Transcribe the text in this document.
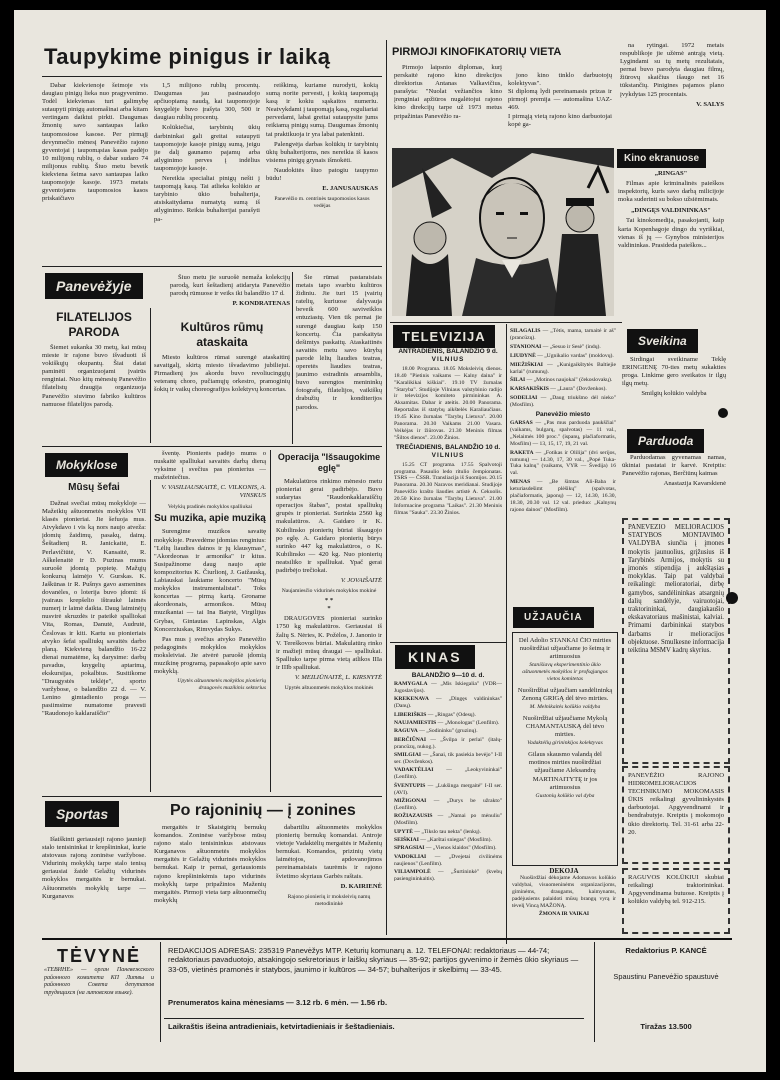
Taupykime pinigus ir laiką

Dabar kiekvienoje šeimoje vis daugiau pinigų lieka nuo pragyvenimo. Todėl kiekvienas turi galimybę sutaupyti pinigų automašinai arba kitam vertingam daiktui pirkti. Daugumas žmonių savo santaupas laiko taupomosiose kasose. Per pirmąjį devynmečio mėnesį Panevėžio rajono gyventojai į taupomąsias kasas padėjo 10 milijonų rublių, o dabar sudaro 74 milijonus rublių. Šiuo metu beveik kiekviena šeima savo santaupas laiko taupomojoje kasoje. 1973 metais gyventojams taupomosios kasos priskaičiavo

1,5 milijono rublių procentų. Daugumas jau pasinaudojo apčiuopiamą naudą, kai taupomojoje knygelėje buvo įrašyta 300, 500 ir daugiau rublių procentų.

Kolūkiečiai, tarybinių ūkių darbininkai gali greitai sutaupyti taupomojoje kasoje pinigų sumą, jeigu jie dalį gaunamo pajamų arba atlyginimo perves į indėlius taupomojoje kasoje.

Nereikia specialiai pinigų nešti į taupomąją kasą. Tai atlieka kolūkio ar tarybinio ūkio buhalterija, atsiskaitydama numatytą sumą iš atlyginimo. Reikia buhalterijai parašyti pa-

reiškimą, kuriame nurodyti, kokią sumą norite pervesti, į kokią taupomąją kasą ir kokiu sąskaitos numeriu. Neatvykdami į taupomąją kasą, reguliariai pervedami, labai greitai sutaupysite jums reikiamą pinigų sumą. Daugumas žmonių tai praktikuoja ir yra labai patenkinti.

Palengvėja darbas kolūkių ir tarybinių ūkių buhalterijoms, nes nereikia iš kasos visiems pinigų grynais išmokėti.

Naudokitės šiuo patogiu taupymo būdu!

E. JANUSAUSKAS
Panevėžio m. centrinės taupomosios kasos vedėjas
Panevėžyje
FILATELIJOS PARODA

Šiemet sukanka 30 metų, kai mūsų mieste ir rajone buvo išvaduoti iš vokiškųjų okupantų. Šiai datai paminėti organizuojami įvairūs renginiai. Nuo kitų mėnesių Panevėžio filatelistų draugija organizuoja Panevėžio siuvimo fabriko kultūros namuose filatelijos parodą.

Šiuo metu jie suruošė nemaža kolekcijų parodą, kuri šeštadienį atidaryta Panevėžio parodų rūmuose ir veiks iki balandžio 17 d.

P. KONDRATENAS
Kultūros rūmų ataskaita

Miesto kultūros rūmai surengė ataskaitinį savaitgalį, skirtą miesto išvadavimo jubiliejui. Pirmadienį jos akordu buvo revoliucingųjų veteranų choro, pučiamųjų orkestro, pramoginių šokių ir vaikų choreografijos kolektyvų koncertas.

Šie rūmai pastaraisiais metais tapo svarbiu kultūros židiniu. Jie turi 15 įvairių ratelių, kuriuose dalyvauja beveik 600 saviveiklos entuziastų. Vien tik pernai jie surengė daugiau kaip 150 koncertų. Čia parskaityta dešimtys paskaitų. Ataskaitinės savaitės metu savo kūrybą parodė lėlių liaudies teatras, operetės liaudies teatras, jaunimo estradinis ansamblis, buvo surengtos menininkų fotografų, filatelijos, vaikiškų drabužių ir konditerijos parodos.

Mokyklose
Mūsų šefai

Dažnai svečiai mūsų mokykloje — Mažeikių aštuonmetės mokyklos VII klasės pionieriai. Jie šefuoja mus. Atvykdavo i vis ką nors naujo atveža: įdomių žaidimų, pasakų, dainų. Šeštadienį R. Janickaitė, E. Perlavičiūtė, V. Kansaitė, R. Aškelenaitė ir D. Puzinas mums suruošė įdomią popietę. Mažųjų konkursą laimėjo V. Gurskas. K. Jaškūnas ir R. Pušnys gavo asmenines dovanėles, o loterija buvo įdomi: iš įvairaus krepšelio ištraukė laimės numerį ir laimė daikta. Daug laiminėjų nusvirė skruzdės ir pateikė spalliokai Vita, Romas, Danutė, Audrutė, Česlovas ir kiti. Kartu su pionieriais atvyko šefai spalliukų savaitės darbo planą. Kiekvieną balandžio 16-22 dienai numatėme, ką darysime: darbų pavadus, knygelių aptarimą, ekskursijas, pokalbius. Susitikome "Draugystės teklėje", sporto varžybose, o balandžio 22 d. — V. Lenino gimtadienio proga — pasiimsime numatome pravesti "Raudonojo kaklaraiščio"

šventę. Pionierės padėjo mums o nuskaitė spalliukai savaitės darbą dieną vyksime į svečius pas pionierius — mažeiniečius.

V. VASILIAUSKAITĖ, C. VILKONIS, A. VINSKUS
Velykių pradinės mokyklos spalliukai
Su muzika, apie muziką

Surengime muzikos savaitę mokykloje. Pravedėme įdomias renginius: "Lėlių liaudies dainos ir jų klausymas", "Akordeonas ir armonika" ir kitus. Susipažinome daug naujo apie kompozitorius K. Čiurlionį, J. Gaižauską, Labiauskai laukiame koncerto "Mūsų mokyklos instrumentalistai". Toks koncertas — pirmą kartą. Groname akordeonais, armonikos. Mūsų muzikantai — tai Ina Batytė, Virgilijus Grybas, Gintautas Lapinskas, Algis Koncerziuskas, Rimvydas Sukys.

Pas mus į svečius atvyko Panevėžio pedagoginės mokyklos mokyklos moksleiviai. Jie atvėrė paruošė įdomią muzikinę programą, papasakojo apie savo mokyklą.

Upytės aštuonmetės mokyklos pionierių draugovės muzikinis sektorius
Operacija "Išsaugokime eglę"

Makulatūros rinkimo mėnesio metu pionieriai gerai padirbėjo. Buvo sudarytas "Raudonkaklaraiščių operacijos štabas", postai spalliukų grupės ir pionieriai. Surinkta 2560 kg makulatūros. A. Gaidaro ir K. Kubilinsko pionierių būriai išsaugojo po eglę. A. Gaidaro pionierių būrys surinko 447 kg makulatūros, o K. Kubilinsko — 420 kg. Nuo pionierių neatsiliko ir spalliukai. Ypač gerai padirbėjo trečiokai.

V. JOVAIŠAITĖ
Naujamiesčio vidurinės mokyklos mokinė
* *
*

DRAUGOVES pionieriai surinko 1750 kg makulatūros. Geriausiai iš žalių S. Nėries, K. Požėlos, J. Janonio ir V. Tereškovos būriai. Makulatūrą rinko ir mažieji mūsų draugai — spalliukai. Spalliuko tarpe pirma vietą atlikos IIIa ir IIIb spalliukai.

V. MEILIŪNAITĖ, L. KIRSNYTĖ
Upytės aštuonmetės mokyklos mokinės
Sportas	Po rajoninių — į zonines

Išaiškinti geriausieji rajono jaunieji stalo tenisininkai ir krepšininkai, kurie atstovaus rajoną zoninėse varžybose. Vidurinių mokyklų tarpe stalo tenisą geriausiai žaidė Gelažių vidurinės mokyklos mergaitės ir bernukai. Aštuonmetės mokyklų tarpe — Kurganavos

mergaitės ir Skaistgirių bernukų komandos. Zoninėse varžybose mūsų rajono stalo tenisininkus atstovaus Kurganavos aštuonmetės mokyklos mergaitės ir Gelažių vidurinės mokyklos bernukai. Kaip ir pernai, geriausiomis rajono krepšininkėmis tapo vidurinės mokyklų tarpe pripažintos Maženių mergaitės. Pirmoji vieta tarp aštuonmečių mokyklų

dabartiliu aštuonmetės mokyklos pionierių bernukų komandai. Antroje vietoje Vadaktėlių mergaitės ir Maženių bernukai. Komandos, prizinių vietų laimėtojos, apdovanojimos pereinamaisiais taurėmis ir rajono švietimo skyriaus Garbės raštais.

D. KAIRIENĖ
Rajono pionierių ir moksleivių namų metodininkė
PIRMOJI KINOFIKATORIŲ VIETA

Pirmojo laipsnio diplomas, kurį perskaitė rajono kino direkcijos direktorius Antanas Valkavičius, parašyta: "Nuolat vežiančios kino įrenginiai apžiūros nugalėtojui rajono kino direkcijų tarpe už 1973 metus pripažintas Panevėžio ra-

jono kino tinklo darbuotojų kolektyvas".
Si diplomą lydi pereinamasis prizas ir pirmoji premija — automašina UAZ-469.
I pirmąją vietą rajono kino darbuotojai kopė ga-

na rytingai. 1972 metais respublikoje jie užėmė antrąją vietą. Lygindami su tų metų rezultatais, pernai buvo parodyta daugiau filmų, žiūrovų skaičius išaugo net 16 tūkstančių. Pinigines pajamos plano įvykdytas 125 procentais.

V. SALYS
Kino ekranuose
„RINGAS"

Filmas apie kriminalinės paieškos inspektorių, kuris savo darbą milicijoje moka suderinti su bokso užsiėmimais.

„DINGĘS VALDININKAS"

Tai kinokomedija, pasakojanti, kaip karta Kopenhagoje dingo du vyriškiai, vienas iš jų — Gynybos ministerijos valdininkas. Prasideda paieškos...

TELEVIZIJA
ANTRADIENIS, BALANDŽIO 9 d.
VILNIUS

18.00 Programa. 18.05 Moksleivių dienos. 18.40 "Pietinis vaikams — Kalny daina" ir "Karalikikai kiškiai". 19.10 TV žurnalas "Staryba". Studijoje Vilniaus valstybinio radijo ir televizijos komiteto pirmininkas A. Aksamitas. Dabar ir ateitis. 20.00 Panorama. Reportažas iš statybų aikštelės Karaliaučiaus. 19.45 Kino žurnalas "Tarybų Lietuva". 20.00 Panorama. 20.30 Vaikams 21.00 Vasara. Veikėjas ir žiūrovas. 21.30 Meninis filmas "Šiltos dienos". 23.00 Žinios.

TREČIADIENIS, BALANDŽIO 10 d.
VILNIUS

15.25 CT programa. 17.55 Spalvotoji programa. Pasaulio ledo ritulio čempionatas. TSRS — ČSSR. Transliacija iš Suomijos. 20.15 Panorama. 20.30 Naravos meridianai. Studijoje Panevėžio krašto liaudies artistė A. Cekuolis. 20.50 Kino žurnalas "Tarybų Lietuva". 21.00 Informacine programa "Laikas". 21.30 Meninis filmas "Sauka". 23.30 Žinios.

ŠILAGALIS — „Tėtis, mama, tarnaitė ir aš" (prancūzų).
STANIONAI — „Sesuo ir Sesė" (indų).
LIUDYNĖ — „Ugnikalio vardas" (moldovų).
MIEŽIŠKIAI — „Kunigaikštytės Baltiejie karlai" (rumunų).
ŠILAI — „Motinos naujokai" (čekoslovakų).
KARSAKIŠKIS — „Laura" (Dovženkos).
SODELIAI — „Daug triukšmo dėl nieko" (Mosfilm).
Panevėžio miesto
GARSAS — „Pas mus parduoda paukščiai" (vaikams, bulgarų, spalvotas) — 11 val., „Nelaimės 100 proc." (ispanų, plačiaformatis, Mosfilm) — 13, 15, 17, 19, 21 val.
RAKETA — „Fotikas ir Olilija" (dvi serijos, rumunų) — 14.30, 17, 30 val., „Popė Tuka-Tuka kalnų" (vaikams, VYR — Švedija) 16 val.
MENAS — „Be šimtas Ali-Baba ir keturiasdešimt plėšikų" (spalvotas, plačiaformatis, japonų) — 12, 14.30, 16.30, 18.30, 20.30 val. 12 val. prieduo: „Kalnynų rajono dainos" (Mosfilm).
Sveikina

Sirdingai sveikiname Teklę ERINGIENĘ 70-ties metų sukakties proga. Linkime gero sveikatos ir ilgų ilgų metų.

Smilgių kolūkio valdyba
Parduoda

Parduodamas gyvenamas namas, ūkiniai pastatai ir karvė. Kreiptis: Panevėžio rajonas, Berčiūnų kaimas

Anastazija Kavarskienė

PANEVĖŽIO MELIORACIJOS STATYBOS MONTAVIMO VALDYBA siunčia į įmones mokytis jaunuolius, grįžusius iš Tarybinės Armijos, mokytis su įmonės stipendija į aukštąsias mokyklas. Taip pat valdybai reikalingi: melioratoriai, dirbę gamybos, sandėlininkas atsargnių dalių sandėlyje, vairuotojai, traktorininkai, daugiakaušio ekskavatoriaus mašinistai, kalviai. Primami darbininkai statybos darbams ir melioracijos objektuose. Smulkesne informacija teiktina MSMV kadrų skyrius.

PANEVĖŽIO RAJONO HIDROMELIORACIJOS TECHNIKUMO MOKOMASIS ŪKIS reikalingi gyvulininkystės darbuotojai. Apgyvendinami ir bendrabutyje. Kreiptis į mokomojo ūkio direktorių. Tel. 31-61 arba 22-20.

RAGUVOS KOLŪKIUI skubiai reikalingi traktorininkai. Apgyvendinama butuose. Kreiptis į kolūkio valdybą tel. 912-215.

UŽJAUČIA
Dėl Adolio STANKAI ČIO mirties nuoširdžiai užjaučiame jo šeimą ir artimuosius
Stanišiavų eksperimentinio ūkio aštuonmetės mokyklos ir profsąjungos vietos komitetas
Nuoširdžiai užjaučiam sandėlininką Zenoną GRIGĄ dėl tėvo mirties.
M. Melnikaitės kolūkio valdyba
Nuoširdžiai užjaučiame Mykolą CHAMANTAUSKĄ dėl tėvo mirties.
Vadaktėlių girininkijos kolektyvas
Gilaus skausmo valandą dėl motinos mirties nuoširdžiai užjaučiame Aleksandrą MARTINAITYTĘ ir jos artimuosius
Gustonių kolūkio val dyba
DĖKOJA

Nuoširdžiai dėkojame Adomavos kolūkio valdybai, visuomeninėms organizacijoms, giminėms, draugams, kaimynams, padėjusiems palaidoti mūsų brangų vyrą ir tėvelį Vincą MAŽONĄ.

ŽMONA IR VAIKAI
KINAS
BALANDŽIO 9—10 d. d.
RAMYGALA — „Mis Iskiegalia" (VDR—Jugoslavijos).
KREKENAVA — „Dingęs valdininkas" (Danų).
LIBERIŠKIS — „Ringas" (Odesų).
NAUJAMIESTIS — „Monologas" (Lenfilm).
RAGUVA — „Sodininku" (gruzinų).
BERČIŪNAI — „Švilpa ir perlai" (italų-prancūzų, nukog.).
SMILGIAI — „Šanai, tik pasiekia bevėjo" I-II ser. (Dovženkos).
VADAKTĖLIAI — „Leokyvininkai" (Lenfilm).
ŠVENTUPIS — „Lukšinga mergaitė" I-II ser. (AVI).
MIŽIGONAI — „Durys be užrakto" (Lenfilm).
ROŽIAZAUSIS — „Namai po mėnuliu" (Mosfilm).
UPYTĖ — „Tikslo tau nekta" (lenkų).
SEIŠKIAI — „Karštai sniegas" (Mosfilm).
SPRAGSIAI — „Vienos klaidos" (Mosfilm).
VADOKLIAI — „Dvejetai civilinėms naujienos" (Lenfilm).
VILIAMPOLĖ — „Šurtininkė" (kvebų pasiengininkaitis).
TĖVYNĖ
«ТЕВИНЕ» — орган Паневежского районного комитета КП Литвы и районного Совета депутатов трудящихся (на литовском языке).
REDAKCIJOS ADRESAS: 235319 Panevėžys MTP. Keturių komunarų a. 12. TELEFONAI: redaktoriaus — 44-74; redaktoriaus pavaduotojo, atsakingojo sekretoriaus ir laiškų skyriaus — 35-92; partijos gyvenimo ir žemės ūkio skyriaus — 33-05, vietinės pramonės ir statybos, jaunimo ir kultūros — 34-57; buhalterijos ir skelbimų — 33-45.
Prenumeratos kaina mėnesiams — 3.12 rb. 6 mėn. — 1.56 rb.
Laikraštis išeina antradieniais, ketvirtadieniais ir šeštadieniais.
Redaktorius P. KANCĖ
Spaustinu Panevėžio spaustuvė
Tiražas 13.500
